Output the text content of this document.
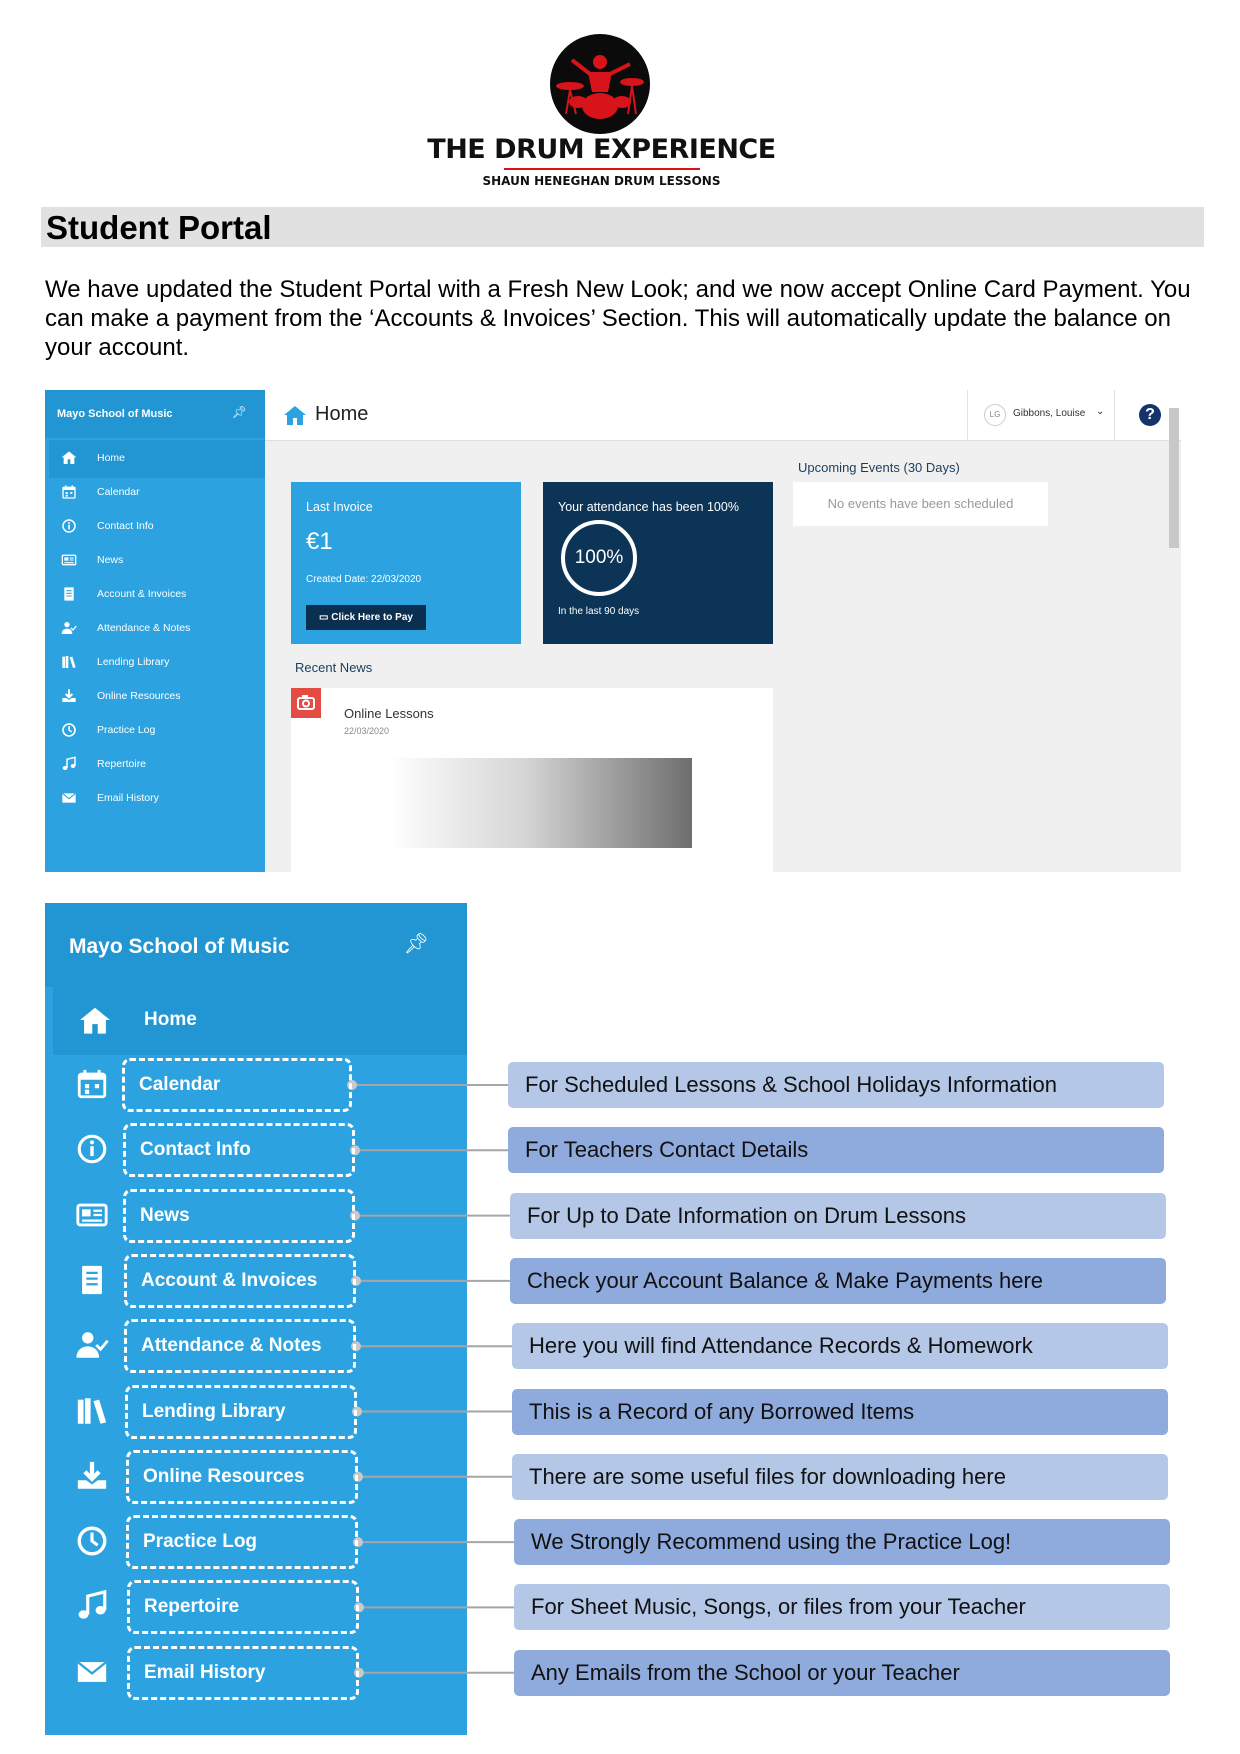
THE DRUM EXPERIENCE
SHAUN HENEGHAN DRUM LESSONS
Student Portal
We have updated the Student Portal with a Fresh New Look; and we now accept Online Card Payment. You can make a payment from the ‘Accounts & Invoices’ Section. This will automatically update the balance on your account.
Mayo School of Music	📌︎
Home
Calendar
Contact Info
News
Account & Invoices
Attendance & Notes
Lending Library
Online Resources
Practice Log
Repertoire
Email History
Home	LG	Gibbons, Louise ⌄	?
Last Invoice
€1
Created Date: 22/03/2020
▭ Click Here to Pay
Your attendance has been 100%
100%
In the last 90 days
Upcoming Events (30 Days)
No events have been scheduled
Recent News
Online Lessons
22/03/2020
Mayo School of Music	📌︎
Home
Calendar	For Scheduled Lessons & School Holidays Information
Contact Info	For Teachers Contact Details
News	For Up to Date Information on Drum Lessons
Account & Invoices	Check your Account Balance & Make Payments here
Attendance & Notes	Here you will find Attendance Records & Homework
Lending Library	This is a Record of any Borrowed Items
Online Resources	There are some useful files for downloading here
Practice Log	We Strongly Recommend using the Practice Log!
Repertoire	For Sheet Music, Songs, or files from your Teacher
Email History	Any Emails from the School or your Teacher
